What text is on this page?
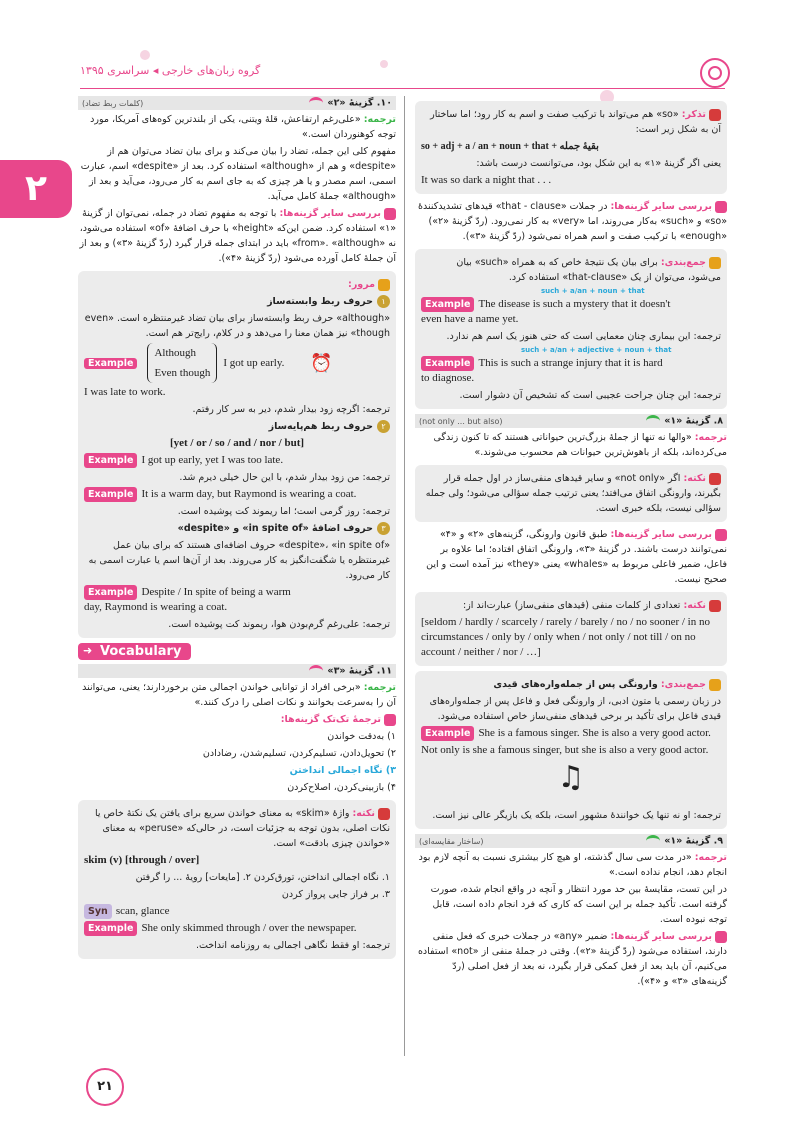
گروه زبان‌های خارجی ◂ سراسری ۱۳۹۵
۲
تذکر: «so» هم می‌تواند با ترکیب صفت و اسم به کار رود؛ اما ساختار آن به شکل زیر است:
so + adj + a / an + noun + that + بقیهٔ جمله
یعنی اگر گزینهٔ «۱» به این شکل بود، می‌توانست درست باشد:
It was so dark a night that . . .
بررسی سایر گزینه‌ها: در جملات «that - clause» قیدهای تشدیدکنندهٔ «so» و «such» به‌کار می‌روند، اما «very» به کار نمی‌رود. (ردّ گزینهٔ «۲») «enough» با ترکیب صفت و اسم همراه نمی‌شود (ردّ گزینهٔ «۳»).
جمع‌بندی: برای بیان یک نتیجهٔ خاص که به همراه «such» بیان می‌شود، می‌توان از یک «that-clause» استفاده کرد.
such + a/an + noun + that
Example The disease is such a mystery that it doesn't even have a name yet.
ترجمه: این بیماری چنان معمایی است که حتی هنوز یک اسم هم ندارد.
such + a/an + adjective + noun + that
Example This is such a strange injury that it is hard to diagnose.
ترجمه: این چنان جراحت عجیبی است که تشخیص آن دشوار است.
۸. گزینهٔ «۱»
(not only ... but also)
ترجمه: «والها نه تنها از جملهٔ بزرگ‌ترین حیواناتی هستند که تا کنون زندگی می‌کرده‌اند، بلکه از باهوش‌ترین حیوانات هم محسوب می‌شوند.»
نکته: اگر «not only» و سایر قیدهای منفی‌ساز در اول جمله قرار بگیرند، وارونگی اتفاق می‌افتد؛ یعنی ترتیب جمله سؤالی می‌شود؛ ولی جمله سؤالی نیست، بلکه خبری است.
بررسی سایر گزینه‌ها: طبق قانون وارونگی، گزینه‌های «۲» و «۴» نمی‌توانند درست باشند. در گزینهٔ «۳»، وارونگی اتفاق افتاده؛ اما علاوه بر فاعل، ضمیر فاعلی مربوط به «whales» یعنی «they» نیز آمده است و این صحیح نیست.
نکته: تعدادی از کلمات منفی (قیدهای منفی‌ساز) عبارت‌اند از:
[seldom / hardly / scarcely / rarely / barely / no / no sooner / in no circumstances / only by / only when / not only / not till / on no account / neither / nor / …]
جمع‌بندی: وارونگی پس از جمله‌واره‌های قیدی
در زبان رسمی یا متون ادبی، از وارونگی فعل و فاعل پس از جمله‌واره‌های قیدی فاعل برای تأکید بر برخی قیدهای منفی‌ساز خاص استفاده می‌شود.
Example She is a famous singer. She is also a very good actor.
Not only is she a famous singer, but she is also a very good actor.
♫
ترجمه: او نه تنها یک خوانندهٔ مشهور است، بلکه یک بازیگر عالی نیز است.
۹. گزینهٔ «۱»
(ساختار مقایسه‌ای)
ترجمه: «در مدت سی سال گذشته، او هیچ کار بیشتری نسبت به آنچه لازم بود انجام دهد، انجام نداده است.»
در این تست، مقایسهٔ بین حد مورد انتظار و آنچه در واقع انجام شده، صورت گرفته است. تأکید جمله بر این است که کاری که فرد انجام داده است، قابل توجه نبوده است.
بررسی سایر گزینه‌ها: ضمیر «any» در جملات خبری که فعل منفی دارند، استفاده می‌شود (ردّ گزینهٔ «۲»). وقتی در جملهٔ منفی از «not» استفاده می‌کنیم، آن باید بعد از فعل کمکی قرار بگیرد، نه بعد از فعل اصلی (ردّ گزینه‌های «۳» و «۴»).
۱۰. گزینهٔ «۲»
(کلمات ربط تضاد)
ترجمه: «علی‌رغم ارتفاعش، قلهٔ ویتنی، یکی از بلندترین کوه‌های آمریکا، مورد توجه کوهنوردان است.»
مفهوم کلی این جمله، تضاد را بیان می‌کند و برای بیان تضاد می‌توان هم از «despite» و هم از «although» استفاده کرد. بعد از «despite» اسم، عبارت اسمی، اسم مصدر و یا هر چیزی که به جای اسم به کار می‌رود، می‌آید و بعد از «although» جملهٔ کامل می‌آید.
بررسی سایر گزینه‌ها: با توجه به مفهوم تضاد در جمله، نمی‌توان از گزینهٔ «۱» استفاده کرد. ضمن این‌که «height» با حرف اضافهٔ «of» استفاده می‌شود، نه «from». «although» باید در ابتدای جمله قرار گیرد (ردّ گزینهٔ «۳») و بعد از آن جملهٔ کامل آورده می‌شود (ردّ گزینهٔ «۴»).
مرور:
۱حروف ربط وابسته‌ساز
«although» حرف ربط وابسته‌ساز برای بیان تضاد غیرمنتظره است. «even though» نیز همان معنا را می‌دهد و در کلام، رایج‌تر هم است.
Example
Although
Even though
I got up early. ⏰
I was late to work.
ترجمه: اگرچه زود بیدار شدم، دیر به سر کار رفتم.
۲حروف ربط هم‌پایه‌ساز
[yet / or / so / and / nor / but]
Example I got up early, yet I was too late.
ترجمه: من زود بیدار شدم، با این حال خیلی دیرم شد.
Example It is a warm day, but Raymond is wearing a coat.
ترجمه: روز گرمی است؛ اما ریموند کت پوشیده است.
۳حروف اضافهٔ «in spite of» و «despite»
«despite»، «in spite of» حروف اضافه‌ای هستند که برای بیان عمل غیرمنتظره یا شگفت‌انگیز به کار می‌روند. بعد از آن‌ها اسم یا عبارت اسمی به کار می‌رود.
Example Despite / In spite of being a warm day, Raymond is wearing a coat.
ترجمه: علی‌رغم گرم‌بودن هوا، ریموند کت پوشیده است.
➜ Vocabulary
۱۱. گزینهٔ «۳»
ترجمه: «برخی افراد از توانایی خواندن اجمالی متن برخوردارند؛ یعنی، می‌توانند آن را به‌سرعت بخوانند و نکات اصلی را درک کنند.»
ترجمهٔ تک‌تک گزینه‌ها:
۱) به‌دقت خواندن
۲) تحویل‌دادن، تسلیم‌کردن، تسلیم‌شدن، رضادادن
۳) نگاه اجمالی انداختن
۴) بازبینی‌کردن، اصلاح‌کردن
نکته: واژهٔ «skim» به معنای خواندن سریع برای یافتن یک نکتهٔ خاص یا نکات اصلی، بدون توجه به جزئیات است، در حالی‌که «peruse» به معنای «خواندن چیزی بادقت» است.
skim (v) [through / over]
۱. نگاه اجمالی انداختن، تورق‌کردن ۲. [مایعات] رویهٔ ... را گرفتن
۳. بر فراز جایی پرواز کردن
Syn scan, glance
Example She only skimmed through / over the newspaper.
ترجمه: او فقط نگاهی اجمالی به روزنامه انداخت.
۲۱
